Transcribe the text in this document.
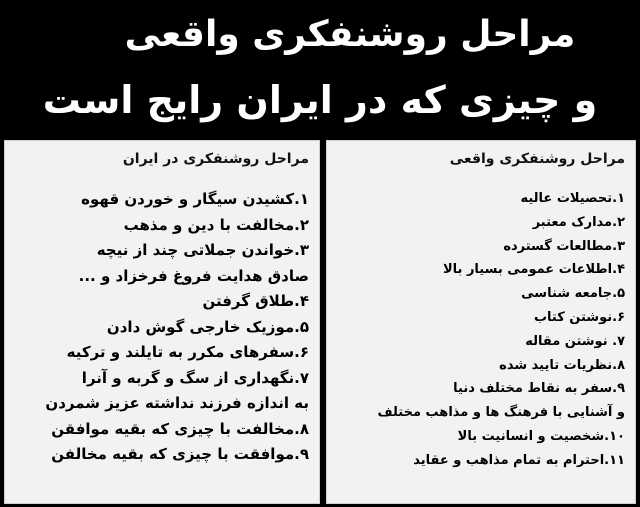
مراحل روشنفکری واقعی
و چیزی که در ایران رایج است
مراحل روشنفکری در ایران
۱.کشیدن سیگار و خوردن قهوه
۲.مخالفت با دین و مذهب
۳.خواندن جملاتی چند از نیچه
صادق هدایت فروغ فرخزاد و ...
۴.طلاق گرفتن
۵.موزیک خارجی گوش دادن
۶.سفرهای مکرر به تایلند و ترکیه
۷.نگهداری از سگ و گربه و آنرا
به اندازه فرزند نداشته عزیز شمردن
۸.مخالفت با چیزی که بقیه موافقن
۹.موافقت با چیزی که بقیه مخالفن
مراحل روشنفکری واقعی
۱.تحصیلات عالیه
۲.مدارک معتبر
۳.مطالعات گسترده
۴.اطلاعات عمومی بسیار بالا
۵.جامعه شناسی
۶.نوشتن کتاب
۷. نوشتن مقاله
۸.نظریات تایید شده
۹.سفر به نقاط مختلف دنیا
و آشنایی با فرهنگ ها و مذاهب مختلف
۱۰.شخصیت و انسانیت بالا
۱۱.احترام به تمام مذاهب و عقاید
